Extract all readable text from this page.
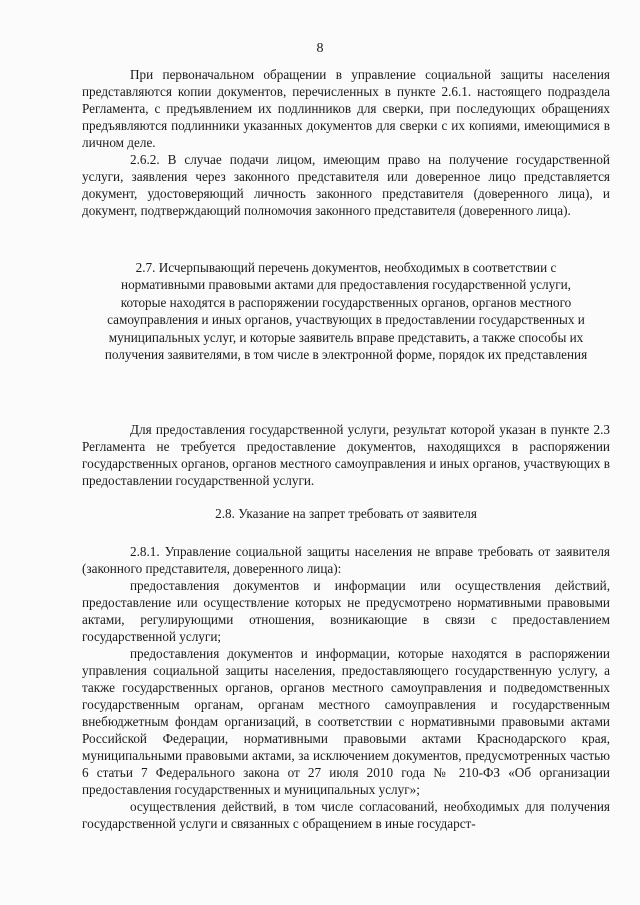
8

При первоначальном обращении в управление социальной защиты населения представляются копии документов, перечисленных в пункте 2.6.1. настоящего подраздела Регламента, с предъявлением их подлинников для сверки, при последующих обращениях предъявляются подлинники указанных документов для сверки с их копиями, имеющимися в личном деле.

2.6.2. В случае подачи лицом, имеющим право на получение государственной услуги, заявления через законного представителя или доверенное лицо представляется документ, удостоверяющий личность законного представителя (доверенного лица), и документ, подтверждающий полномочия законного представителя (доверенного лица).

2.7. Исчерпывающий перечень документов, необходимых в соответствии с нормативными правовыми актами для предоставления государственной услуги, которые находятся в распоряжении государственных органов, органов местного самоуправления и иных органов, участвующих в предоставлении государственных и муниципальных услуг, и которые заявитель вправе представить, а также способы их получения заявителями, в том числе в электронной форме, порядок их представления

Для предоставления государственной услуги, результат которой указан в пункте 2.3 Регламента не требуется предоставление документов, находящихся в распоряжении государственных органов, органов местного самоуправления и иных органов, участвующих в предоставлении государственной услуги.

2.8. Указание на запрет требовать от заявителя

2.8.1. Управление социальной защиты населения не вправе требовать от заявителя (законного представителя, доверенного лица):

предоставления документов и информации или осуществления действий, предоставление или осуществление которых не предусмотрено нормативными правовыми актами, регулирующими отношения, возникающие в связи с предоставлением государственной услуги;

предоставления документов и информации, которые находятся в распоряжении управления социальной защиты населения, предоставляющего государственную услугу, а также государственных органов, органов местного самоуправления и подведомственных государственным органам, органам местного самоуправления и государственным внебюджетным фондам организаций, в соответствии с нормативными правовыми актами Российской Федерации, нормативными правовыми актами Краснодарского края, муниципальными правовыми актами, за исключением документов, предусмотренных частью 6 статьи 7 Федерального закона от 27 июля 2010 года № 210-ФЗ «Об организации предоставления государственных и муниципальных услуг»;

осуществления действий, в том числе согласований, необходимых для получения государственной услуги и связанных с обращением в иные государст-
